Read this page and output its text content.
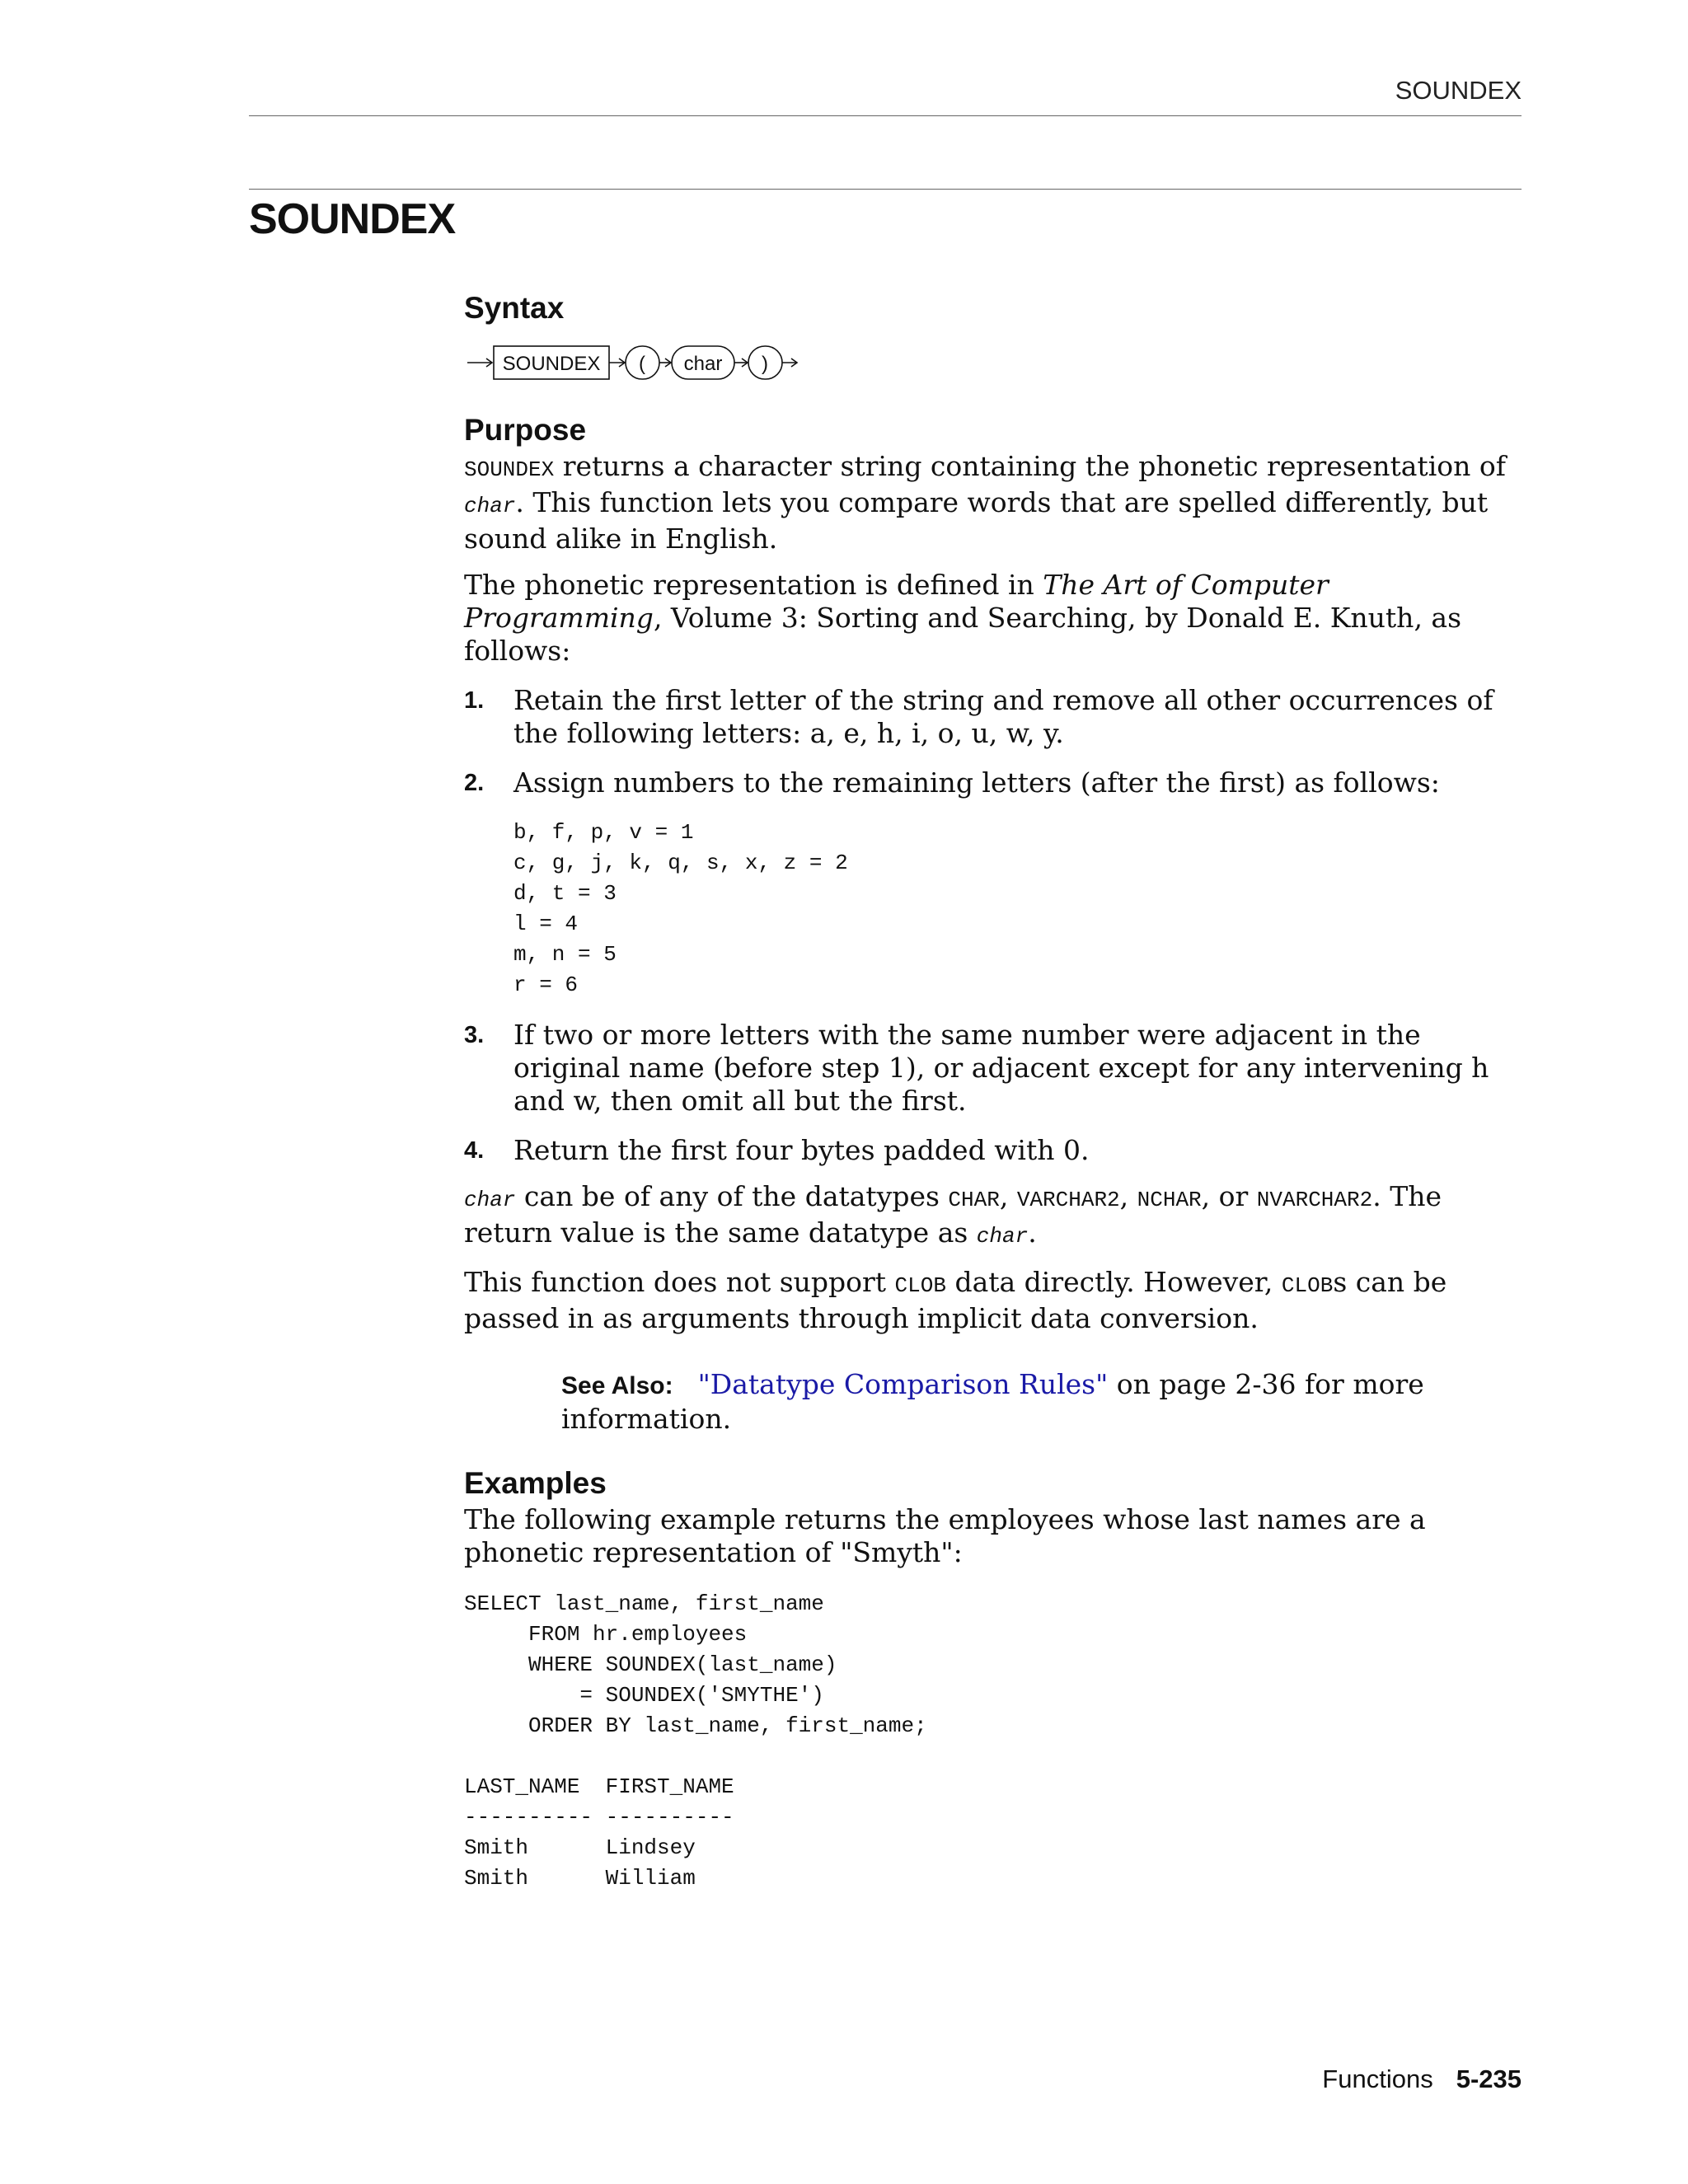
SOUNDEX
SOUNDEX
Syntax
SOUNDEX ( char )
Purpose

SOUNDEX returns a character string containing the phonetic representation of char. This function lets you compare words that are spelled differently, but sound alike in English.

The phonetic representation is defined in The Art of Computer Programming, Volume 3: Sorting and Searching, by Donald E. Knuth, as follows:

1. Retain the first letter of the string and remove all other occurrences of the following letters: a, e, h, i, o, u, w, y.
2. Assign numbers to the remaining letters (after the first) as follows:
b, f, p, v = 1
c, g, j, k, q, s, x, z = 2
d, t = 3
l = 4
m, n = 5
r = 6
3. If two or more letters with the same number were adjacent in the original name (before step 1), or adjacent except for any intervening h and w, then omit all but the first.
4. Return the first four bytes padded with 0.

char can be of any of the datatypes CHAR, VARCHAR2, NCHAR, or NVARCHAR2. The return value is the same datatype as char.

This function does not support CLOB data directly. However, CLOBs can be passed in as arguments through implicit data conversion.

See Also: "Datatype Comparison Rules" on page 2-36 for more information.

Examples

The following example returns the employees whose last names are a phonetic representation of "Smyth":

SELECT last_name, first_name
FROM hr.employees
WHERE SOUNDEX(last_name)
= SOUNDEX('SMYTHE')
ORDER BY last_name, first_name;
LAST_NAME  FIRST_NAME
---------- ----------
Smith      Lindsey
Smith      William
Functions 5-235
